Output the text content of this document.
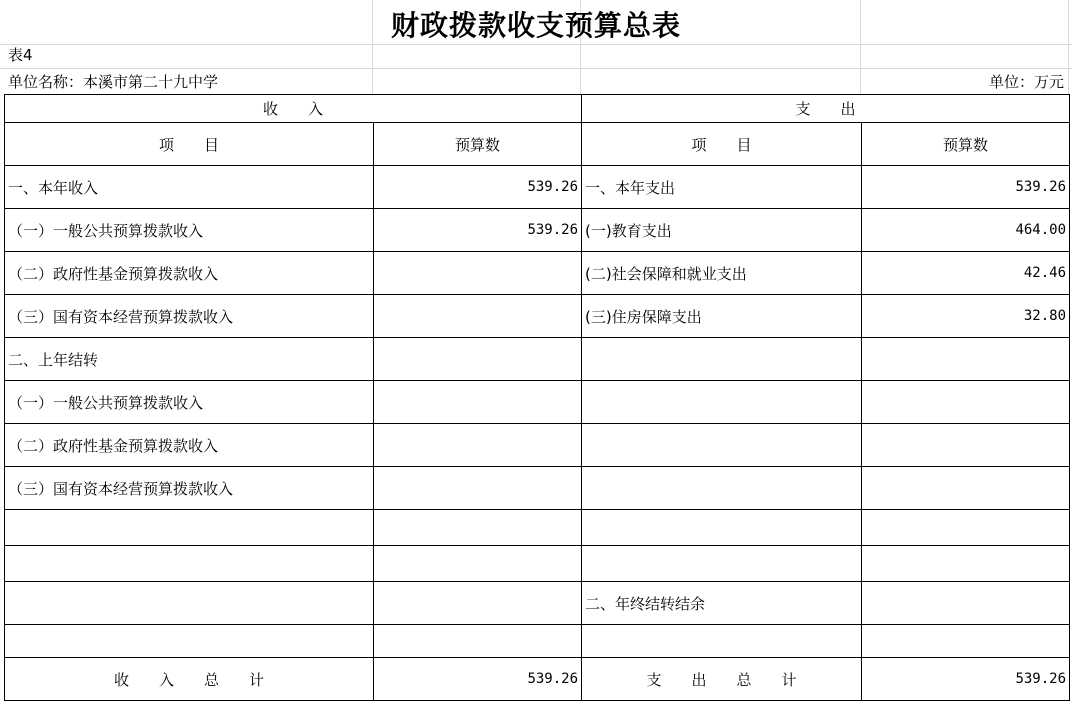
财政拨款收支预算总表
表4
单位名称：本溪市第二十九中学	单位：万元
收　　入		支　　出	
项　　目	预算数	项　　目	预算数
一、本年收入	539.26	一、本年支出	539.26
（一）一般公共预算拨款收入	539.26	(一)教育支出	464.00
（二）政府性基金预算拨款收入		(二)社会保障和就业支出	42.46
（三）国有资本经营预算拨款收入		(三)住房保障支出	32.80
二、上年结转			
（一）一般公共预算拨款收入			
（二）政府性基金预算拨款收入			
（三）国有资本经营预算拨款收入			

		二、年终结转结余	

收　　入　　总　　计	539.26	支　　出　　总　　计	539.26
